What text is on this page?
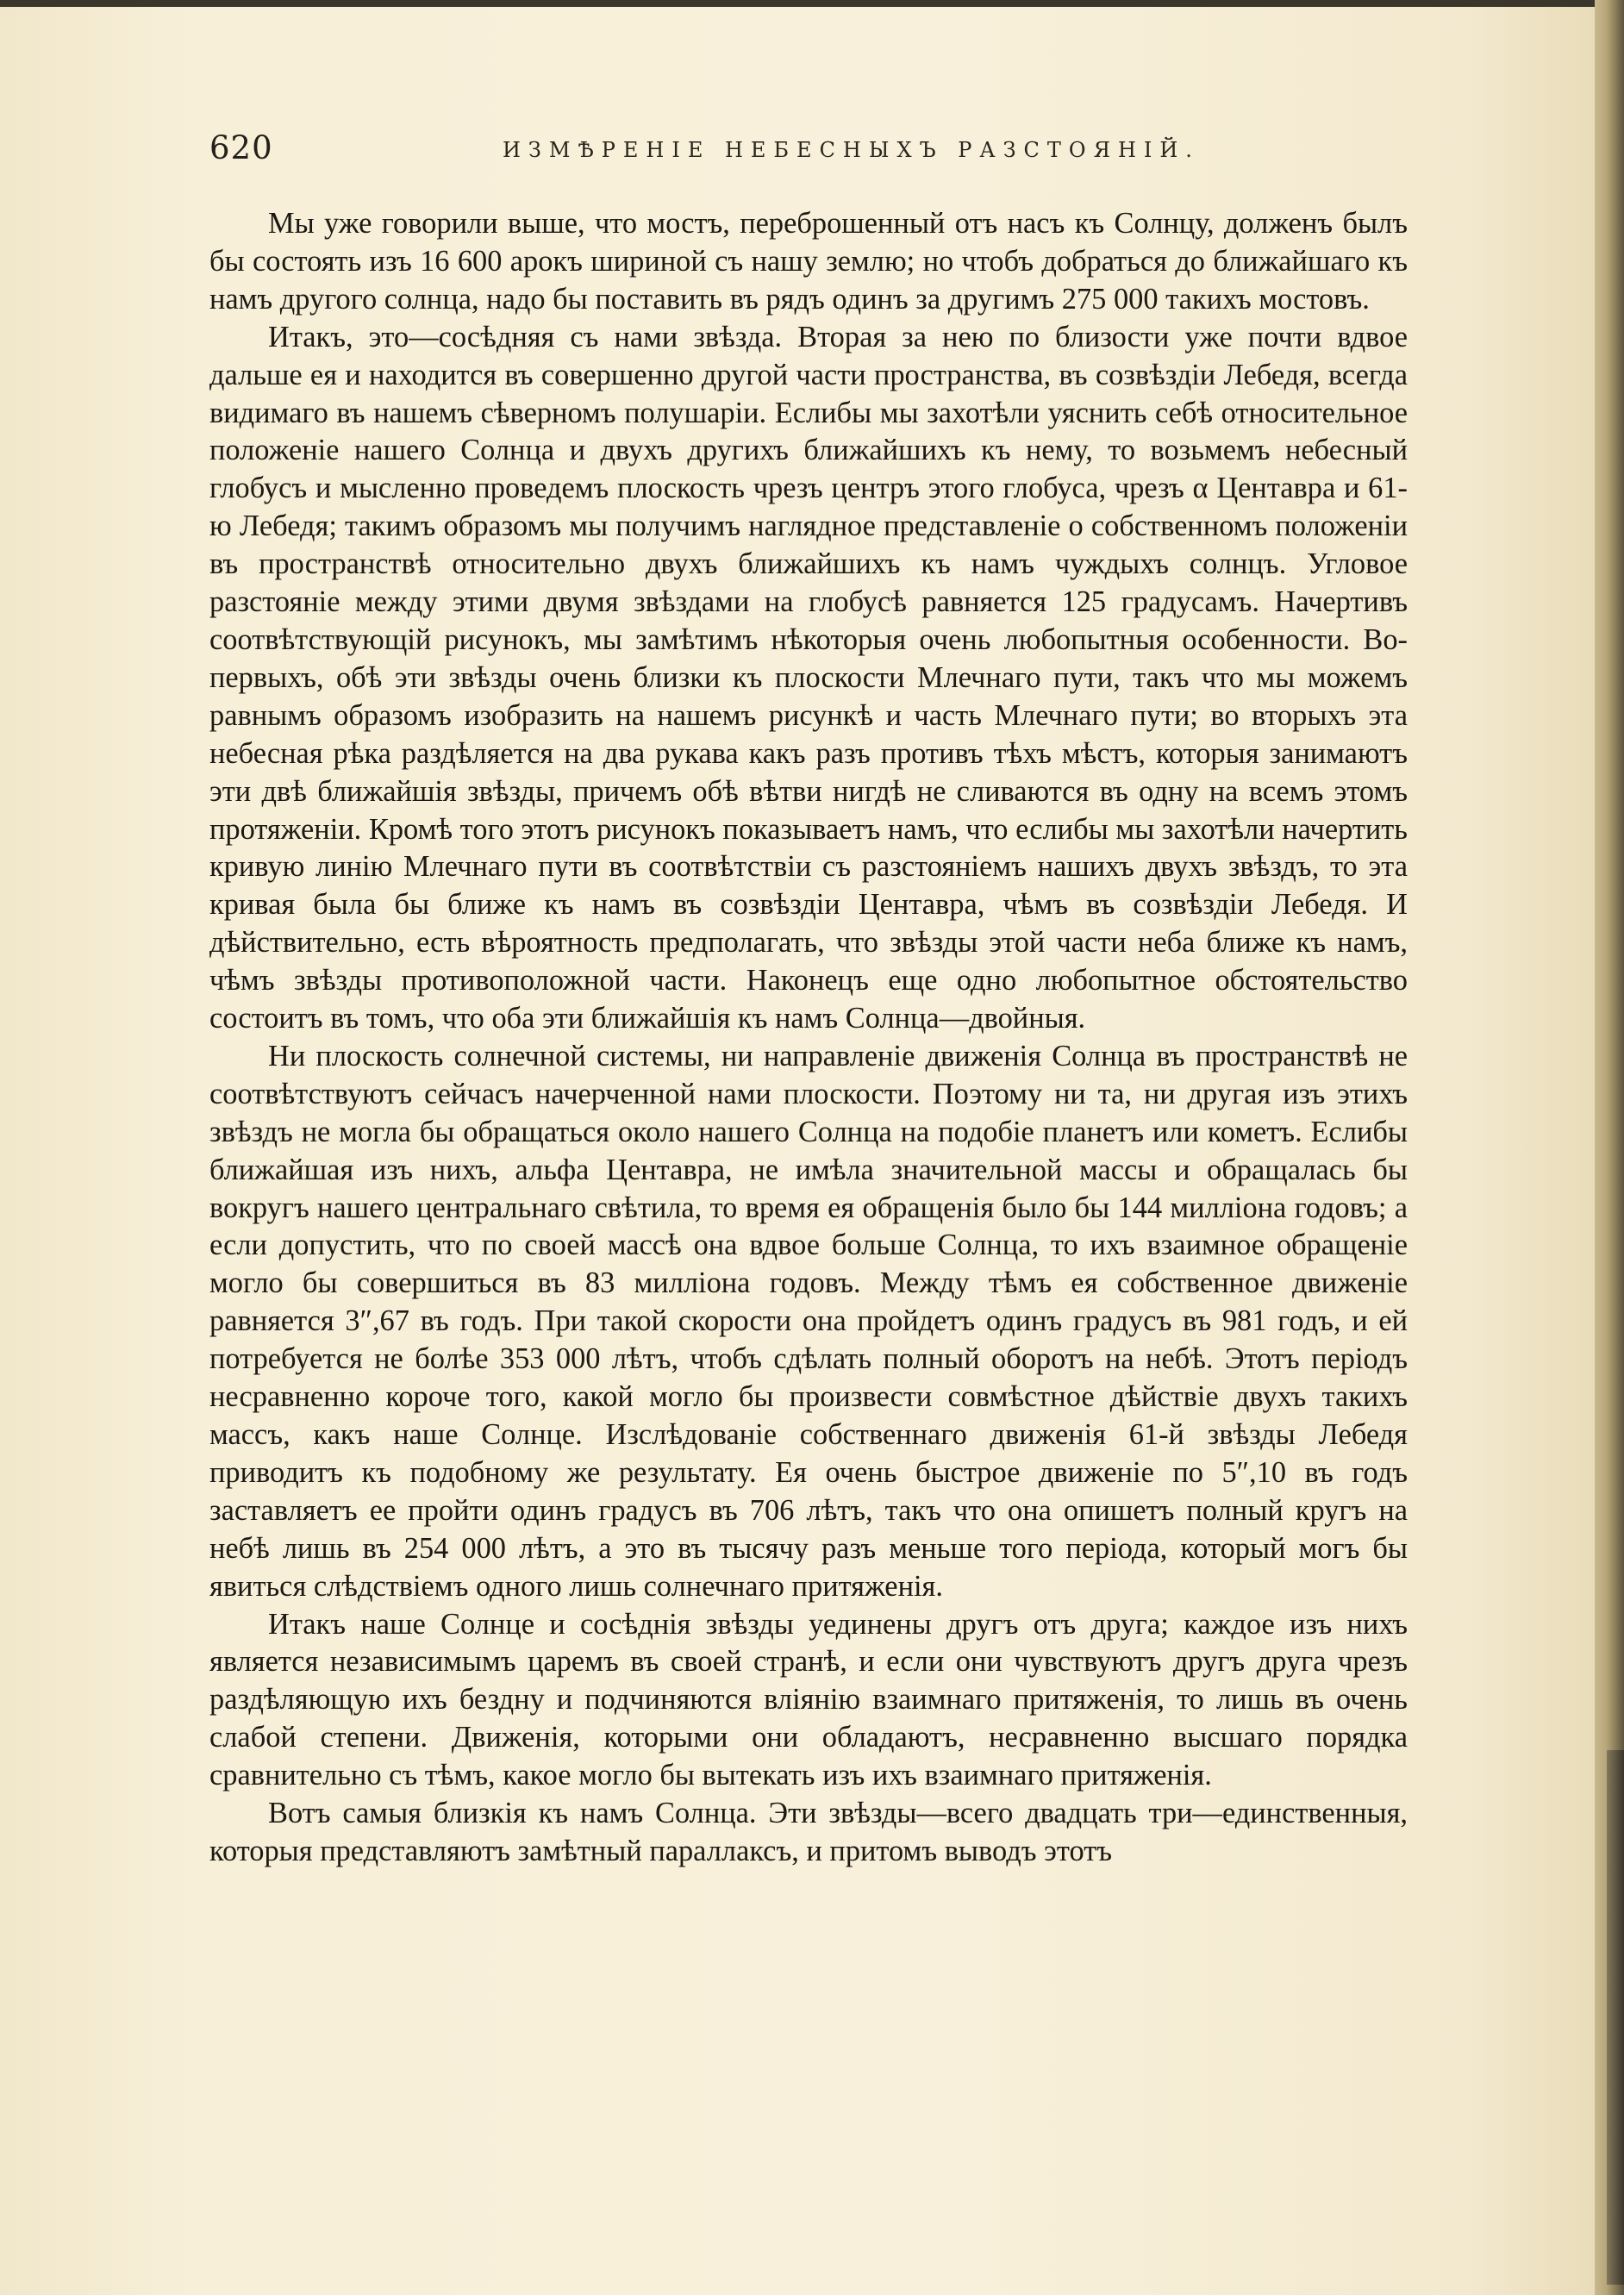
620	ИЗМѢРЕНІЕ НЕБЕСНЫХЪ РАЗСТОЯНІЙ.

Мы уже говорили выше, что мостъ, переброшенный отъ насъ къ Солнцу, долженъ былъ бы состоять изъ 16 600 арокъ шириной съ нашу землю; но чтобъ добраться до ближайшаго къ намъ другого солнца, надо бы поставить въ рядъ одинъ за другимъ 275 000 такихъ мостовъ.

Итакъ, это—сосѣдняя съ нами звѣзда. Вторая за нею по близости уже почти вдвое дальше ея и находится въ совершенно другой части пространства, въ созвѣздіи Лебедя, всегда видимаго въ нашемъ сѣверномъ полушаріи. Еслибы мы захотѣли уяснить себѣ относительное положеніе нашего Солнца и двухъ другихъ ближайшихъ къ нему, то возьмемъ небесный глобусъ и мысленно проведемъ плоскость чрезъ центръ этого глобуса, чрезъ α Центавра и 61-ю Лебедя; такимъ образомъ мы получимъ наглядное представленіе о собственномъ положеніи въ пространствѣ относительно двухъ ближайшихъ къ намъ чуждыхъ солнцъ. Угловое разстояніе между этими двумя звѣздами на глобусѣ равняется 125 градусамъ. Начертивъ соотвѣтствующій рисунокъ, мы замѣтимъ нѣкоторыя очень любопытныя особенности. Во-первыхъ, обѣ эти звѣзды очень близки къ плоскости Млечнаго пути, такъ что мы можемъ равнымъ образомъ изобразить на нашемъ рисункѣ и часть Млечнаго пути; во вторыхъ эта небесная рѣка раздѣляется на два рукава какъ разъ противъ тѣхъ мѣстъ, которыя занимаютъ эти двѣ ближайшія звѣзды, причемъ обѣ вѣтви нигдѣ не сливаются въ одну на всемъ этомъ протяженіи. Кромѣ того этотъ рисунокъ показываетъ намъ, что еслибы мы захотѣли начертить кривую линію Млечнаго пути въ соотвѣтствіи съ разстояніемъ нашихъ двухъ звѣздъ, то эта кривая была бы ближе къ намъ въ созвѣздіи Центавра, чѣмъ въ созвѣздіи Лебедя. И дѣйствительно, есть вѣроятность предполагать, что звѣзды этой части неба ближе къ намъ, чѣмъ звѣзды противоположной части. Наконецъ еще одно любопытное обстоятельство состоитъ въ томъ, что оба эти ближайшія къ намъ Солнца—двойныя.

Ни плоскость солнечной системы, ни направленіе движенія Солнца въ пространствѣ не соотвѣтствуютъ сейчасъ начерченной нами плоскости. Поэтому ни та, ни другая изъ этихъ звѣздъ не могла бы обращаться около нашего Солнца на подобіе планетъ или кометъ. Еслибы ближайшая изъ нихъ, альфа Центавра, не имѣла значительной массы и обращалась бы вокругъ нашего центральнаго свѣтила, то время ея обращенія было бы 144 милліона годовъ; а если допустить, что по своей массѣ она вдвое больше Солнца, то ихъ взаимное обращеніе могло бы совершиться въ 83 милліона годовъ. Между тѣмъ ея собственное движеніе равняется 3″,67 въ годъ. При такой скорости она пройдетъ одинъ градусъ въ 981 годъ, и ей потребуется не болѣе 353 000 лѣтъ, чтобъ сдѣлать полный оборотъ на небѣ. Этотъ періодъ несравненно короче того, какой могло бы произвести совмѣстное дѣйствіе двухъ такихъ массъ, какъ наше Солнце. Изслѣдованіе собственнаго движенія 61-й звѣзды Лебедя приводитъ къ подобному же результату. Ея очень быстрое движеніе по 5″,10 въ годъ заставляетъ ее пройти одинъ градусъ въ 706 лѣтъ, такъ что она опишетъ полный кругъ на небѣ лишь въ 254 000 лѣтъ, а это въ тысячу разъ меньше того періода, который могъ бы явиться слѣдствіемъ одного лишь солнечнаго притяженія.

Итакъ наше Солнце и сосѣднія звѣзды уединены другъ отъ друга; каждое изъ нихъ является независимымъ царемъ въ своей странѣ, и если они чувствуютъ другъ друга чрезъ раздѣляющую ихъ бездну и подчиняются вліянію взаимнаго притяженія, то лишь въ очень слабой степени. Движенія, которыми они обладаютъ, несравненно высшаго порядка сравнительно съ тѣмъ, какое могло бы вытекать изъ ихъ взаимнаго притяженія.

Вотъ самыя близкія къ намъ Солнца. Эти звѣзды—всего двадцать три—единственныя, которыя представляютъ замѣтный параллаксъ, и притомъ выводъ этотъ
